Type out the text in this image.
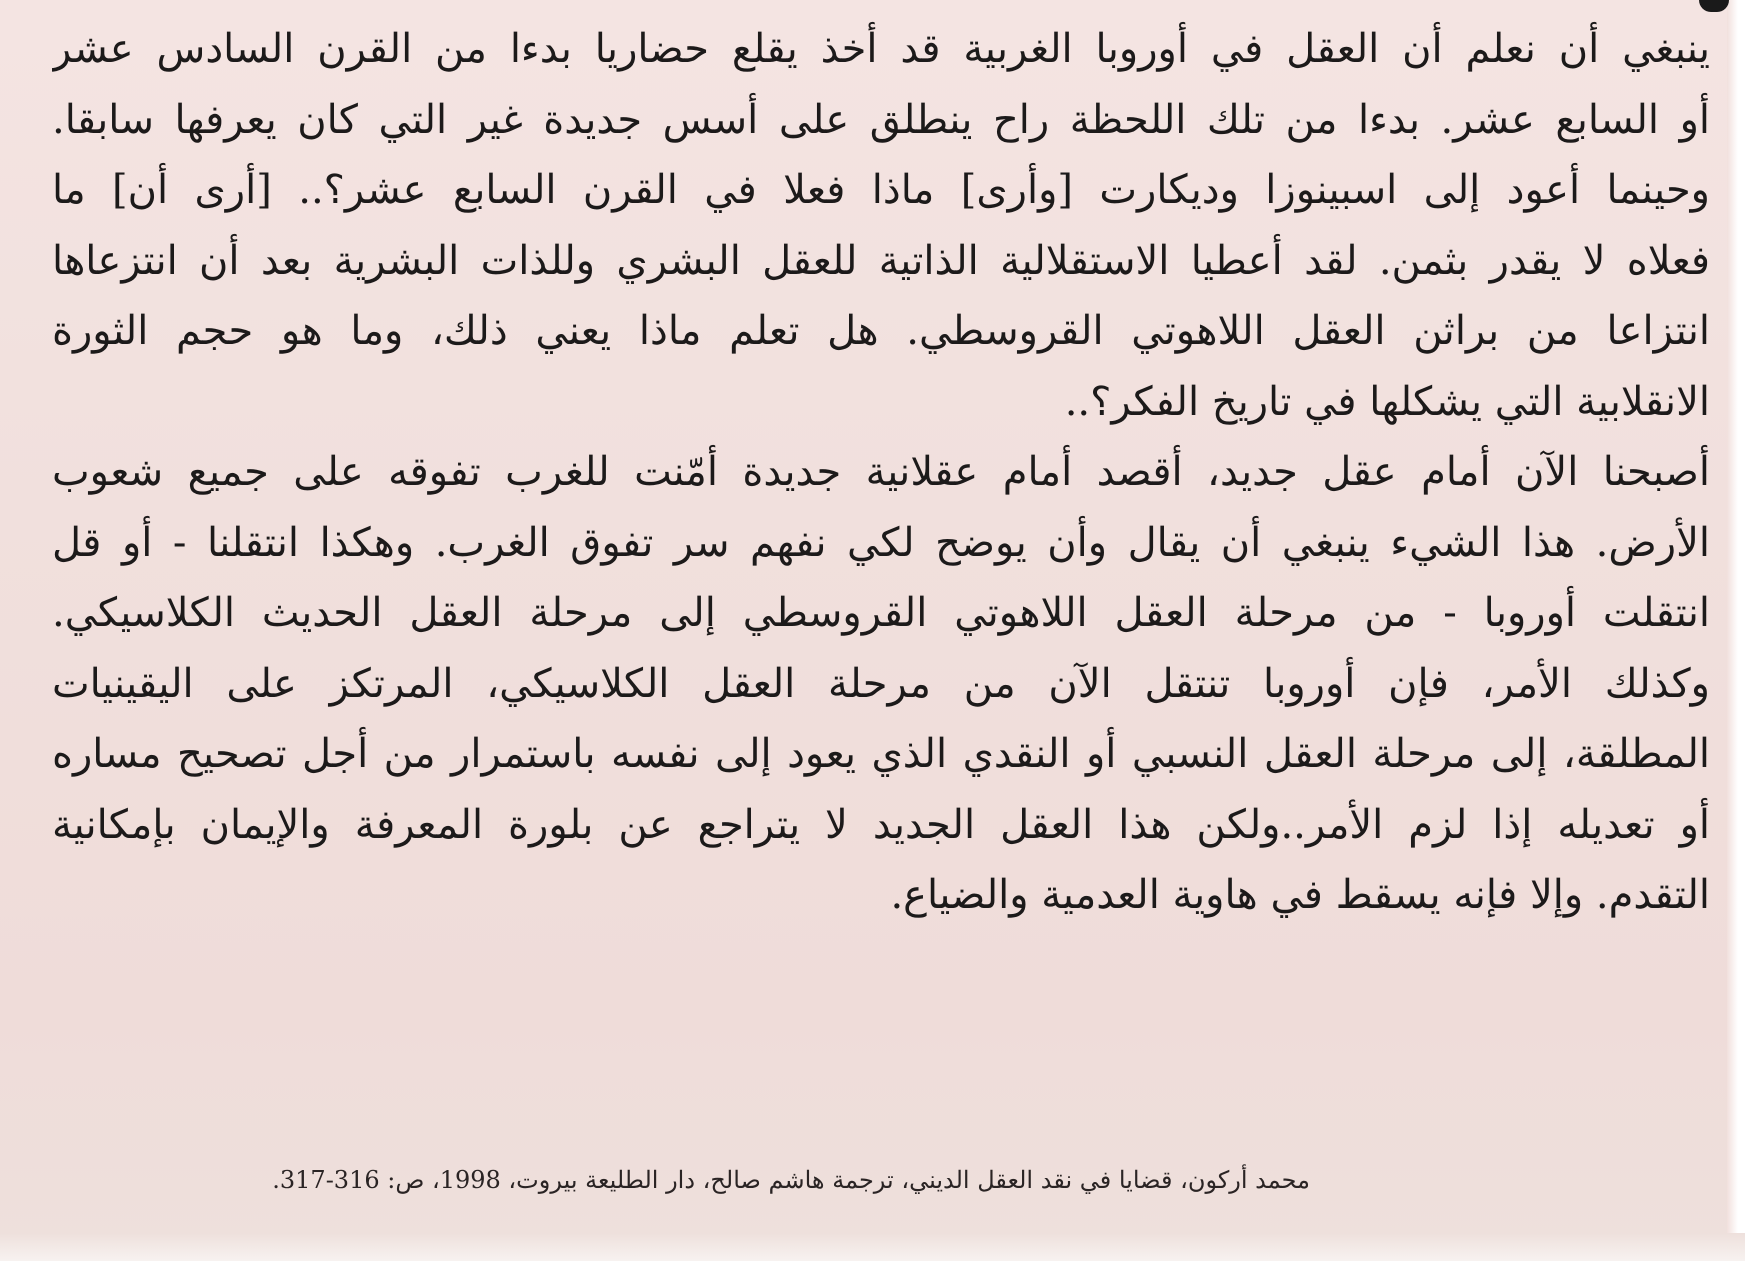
ينبغي أن نعلم أن العقل في أوروبا الغربية قد أخذ يقلع حضاريا بدءا من القرن السادس عشر
أو السابع عشر. بدءا من تلك اللحظة راح ينطلق على أسس جديدة غير التي كان يعرفها سابقا.
وحينما أعود إلى اسبينوزا وديكارت [وأرى] ماذا فعلا في القرن السابع عشر؟.. [أرى أن] ما
فعلاه لا يقدر بثمن. لقد أعطيا الاستقلالية الذاتية للعقل البشري وللذات البشرية بعد أن انتزعاها
انتزاعا من براثن العقل اللاهوتي القروسطي. هل تعلم ماذا يعني ذلك، وما هو حجم الثورة
الانقلابية التي يشكلها في تاريخ الفكر؟..
أصبحنا الآن أمام عقل جديد، أقصد أمام عقلانية جديدة أمّنت للغرب تفوقه على جميع شعوب
الأرض. هذا الشيء ينبغي أن يقال وأن يوضح لكي نفهم سر تفوق الغرب. وهكذا انتقلنا - أو قل
انتقلت أوروبا - من مرحلة العقل اللاهوتي القروسطي إلى مرحلة العقل الحديث الكلاسيكي.
وكذلك الأمر، فإن أوروبا تنتقل الآن من مرحلة العقل الكلاسيكي، المرتكز على اليقينيات
المطلقة، إلى مرحلة العقل النسبي أو النقدي الذي يعود إلى نفسه باستمرار من أجل تصحيح مساره
أو تعديله إذا لزم الأمر..ولكن هذا العقل الجديد لا يتراجع عن بلورة المعرفة والإيمان بإمكانية
التقدم. وإلا فإنه يسقط في هاوية العدمية والضياع.
محمد أركون، قضايا في نقد العقل الديني، ترجمة هاشم صالح، دار الطليعة بيروت، 1998، ص: 316-317.
